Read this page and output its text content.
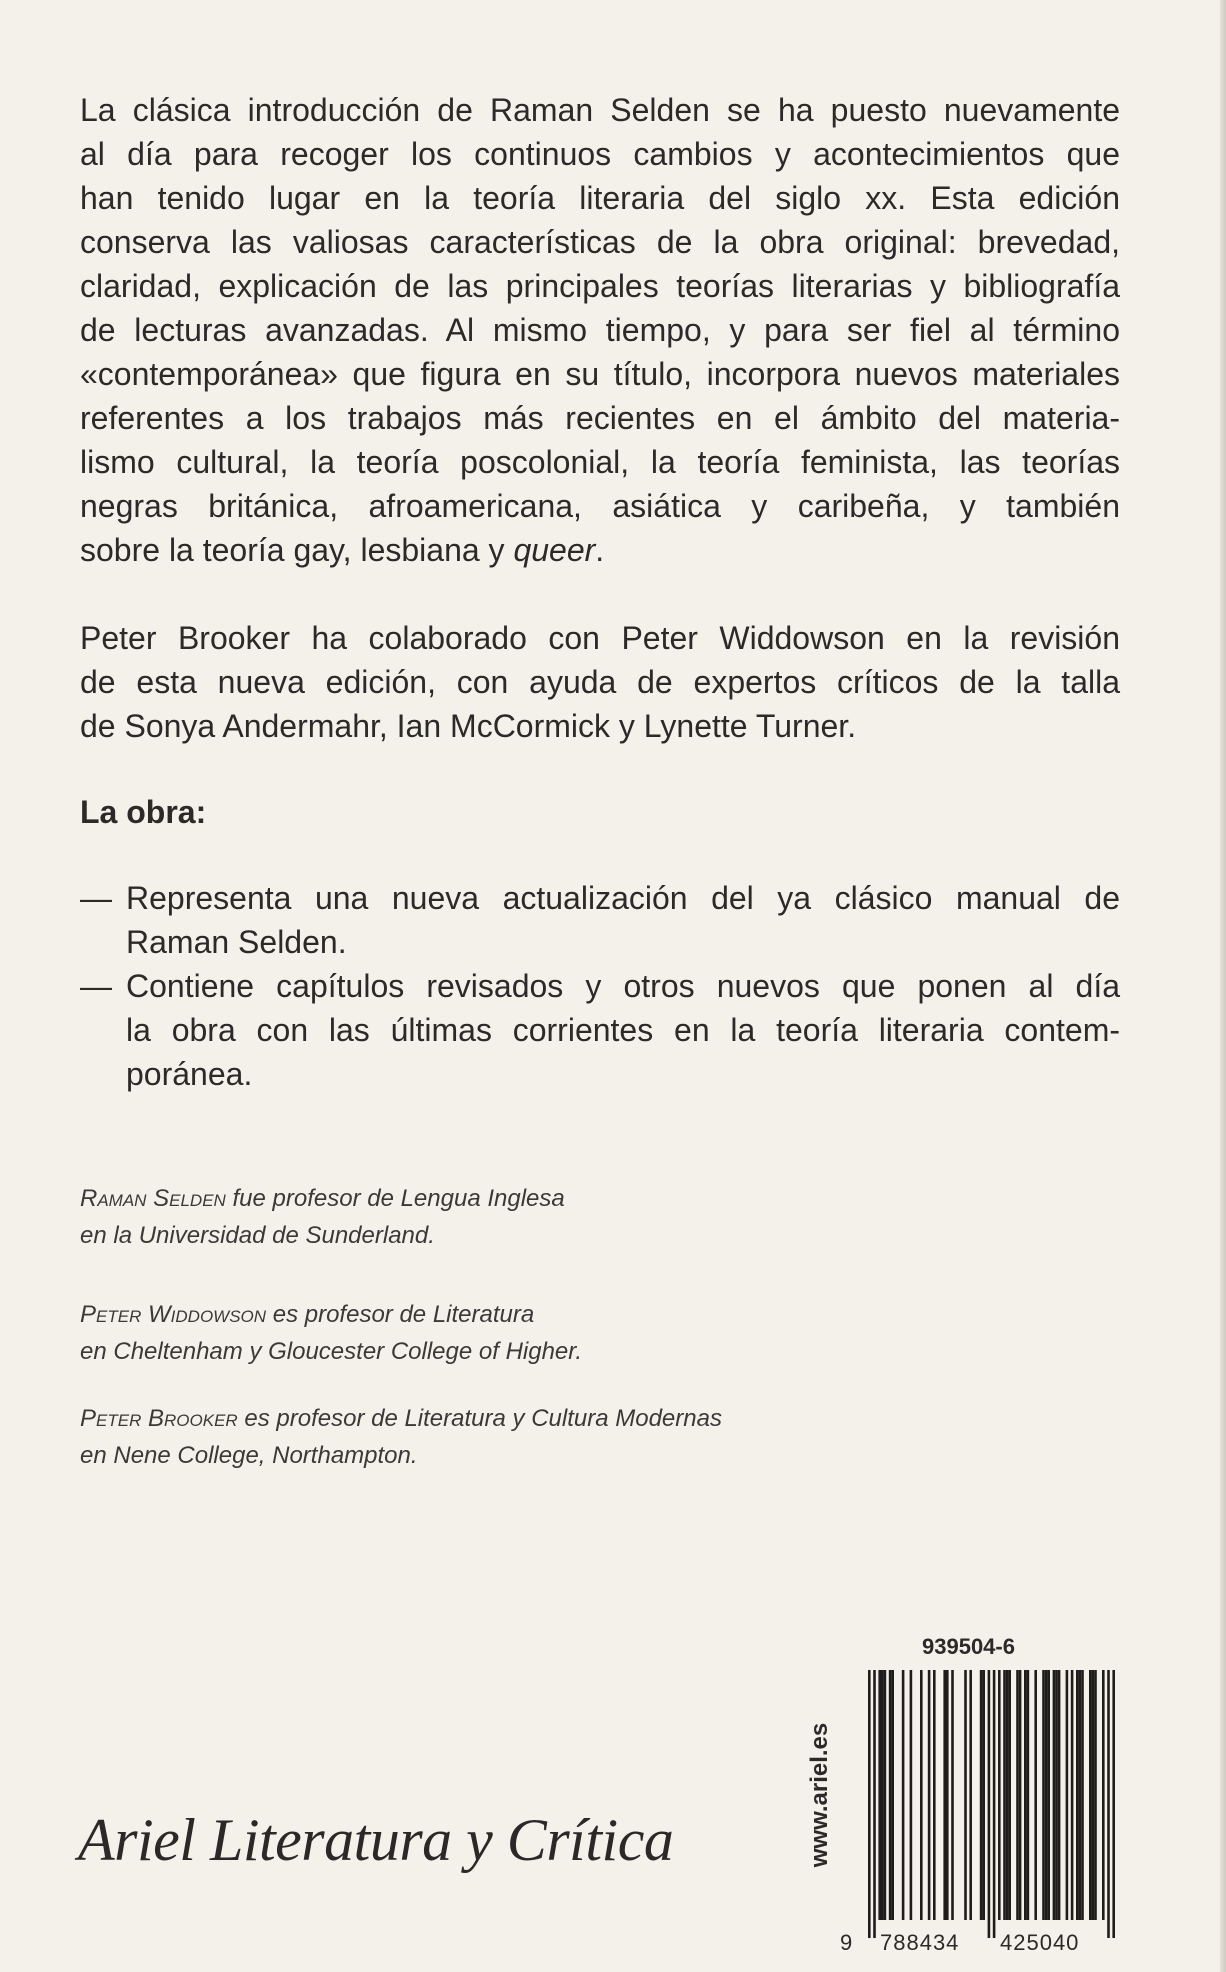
La clásica introducción de Raman Selden se ha puesto nuevamente
al día para recoger los continuos cambios y acontecimientos que
han tenido lugar en la teoría literaria del siglo xx. Esta edición
conserva las valiosas características de la obra original: brevedad,
claridad, explicación de las principales teorías literarias y bibliografía
de lecturas avanzadas. Al mismo tiempo, y para ser fiel al término
«contemporánea» que figura en su título, incorpora nuevos materiales
referentes a los trabajos más recientes en el ámbito del materia-
lismo cultural, la teoría poscolonial, la teoría feminista, las teorías
negras británica, afroamericana, asiática y caribeña, y también
sobre la teoría gay, lesbiana y queer.
Peter Brooker ha colaborado con Peter Widdowson en la revisión
de esta nueva edición, con ayuda de expertos críticos de la talla
de Sonya Andermahr, Ian McCormick y Lynette Turner.
La obra:
— Representa una nueva actualización del ya clásico manual de
Raman Selden.
— Contiene capítulos revisados y otros nuevos que ponen al día
la obra con las últimas corrientes en la teoría literaria contem-
poránea.
Raman Selden fue profesor de Lengua Inglesa
en la Universidad de Sunderland.
Peter Widdowson es profesor de Literatura
en Cheltenham y Gloucester College of Higher.
Peter Brooker es profesor de Literatura y Cultura Modernas
en Nene College, Northampton.
Ariel Literatura y Crítica
939504-6
www.ariel.es
9 788434 425040
